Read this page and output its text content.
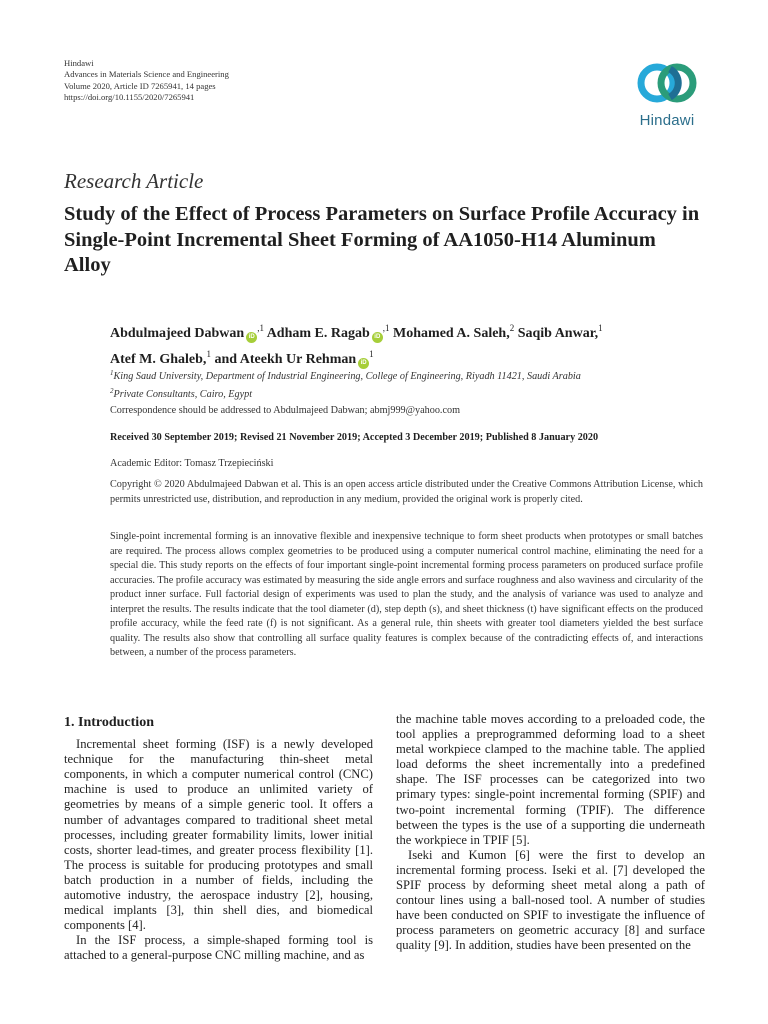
Hindawi
Advances in Materials Science and Engineering
Volume 2020, Article ID 7265941, 14 pages
https://doi.org/10.1155/2020/7265941
Hindawi
Research Article
Study of the Effect of Process Parameters on Surface Profile Accuracy in Single-Point Incremental Sheet Forming of AA1050-H14 Aluminum Alloy
Abdulmajeed Dabwan $iD^{,1}$ Adham E. Ragab $iD^{,1}$ Mohamed A. Saleh,$^2$ Saqib Anwar,$^1$
Atef M. Ghaleb,$^1$ and Ateekh Ur Rehman $iD^1$
$^1$King Saud University, Department of Industrial Engineering, College of Engineering, Riyadh 11421, Saudi Arabia
$^2$Private Consultants, Cairo, Egypt
Correspondence should be addressed to Abdulmajeed Dabwan; abmj999@yahoo.com
Received 30 September 2019; Revised 21 November 2019; Accepted 3 December 2019; Published 8 January 2020
Academic Editor: Tomasz Trzepieciński
Copyright © 2020 Abdulmajeed Dabwan et al. This is an open access article distributed under the Creative Commons Attribution License, which permits unrestricted use, distribution, and reproduction in any medium, provided the original work is properly cited.
Single-point incremental forming is an innovative flexible and inexpensive technique to form sheet products when prototypes or small batches are required. The process allows complex geometries to be produced using a computer numerical control machine, eliminating the need for a special die. This study reports on the effects of four important single-point incremental forming process parameters on produced surface profile accuracies. The profile accuracy was estimated by measuring the side angle errors and surface roughness and also waviness and circularity of the product inner surface. Full factorial design of experiments was used to plan the study, and the analysis of variance was used to analyze and interpret the results. The results indicate that the tool diameter (d), step depth (s), and sheet thickness (t) have significant effects on the produced profile accuracy, while the feed rate (f) is not significant. As a general rule, thin sheets with greater tool diameters yielded the best surface quality. The results also show that controlling all surface quality features is complex because of the contradicting effects of, and interactions between, a number of the process parameters.
1. Introduction

Incremental sheet forming (ISF) is a newly developed technique for the manufacturing thin-sheet metal components, in which a computer numerical control (CNC) machine is used to produce an unlimited variety of geometries by means of a simple generic tool. It offers a number of advantages compared to traditional sheet metal processes, including greater formability limits, lower initial costs, shorter lead-times, and greater process flexibility [1]. The process is suitable for producing prototypes and small batch production in a number of fields, including the automotive industry, the aerospace industry [2], housing, medical implants [3], thin shell dies, and biomedical components [4].

In the ISF process, a simple-shaped forming tool is attached to a general-purpose CNC milling machine, and as

the machine table moves according to a preloaded code, the tool applies a preprogrammed deforming load to a sheet metal workpiece clamped to the machine table. The applied load deforms the sheet incrementally into a predefined shape. The ISF processes can be categorized into two primary types: single-point incremental forming (SPIF) and two-point incremental forming (TPIF). The difference between the types is the use of a supporting die underneath the workpiece in TPIF [5].

Iseki and Kumon [6] were the first to develop an incremental forming process. Iseki et al. [7] developed the SPIF process by deforming sheet metal along a path of contour lines using a ball-nosed tool. A number of studies have been conducted on SPIF to investigate the influence of process parameters on geometric accuracy [8] and surface quality [9]. In addition, studies have been presented on the
